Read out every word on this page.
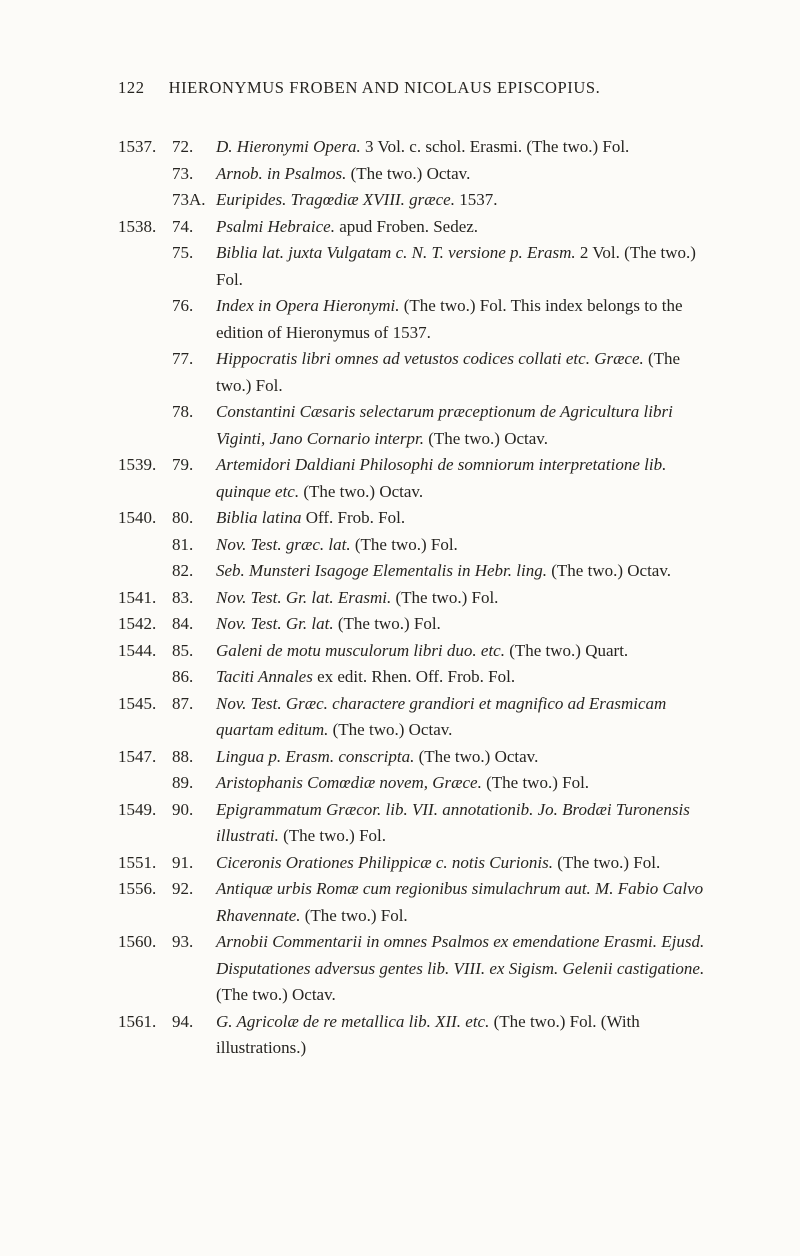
122 HIERONYMUS FROBEN AND NICOLAUS EPISCOPIUS.
1537. 72. D. Hieronymi Opera. 3 Vol. c. schol. Erasmi. (The two.) Fol.
73. Arnob. in Psalmos. (The two.) Octav.
73A. Euripides. Tragœdiæ XVIII. græce. 1537.
1538. 74. Psalmi Hebraice. apud Froben. Sedez.
75. Biblia lat. juxta Vulgatam c. N. T. versione p. Erasm. 2 Vol. (The two.) Fol.
76. Index in Opera Hieronymi. (The two.) Fol. This index belongs to the edition of Hieronymus of 1537.
77. Hippocratis libri omnes ad vetustos codices collati etc. Græce. (The two.) Fol.
78. Constantini Cæsaris selectarum præceptionum de Agricultura libri Viginti, Jano Cornario interpr. (The two.) Octav.
1539. 79. Artemidori Daldiani Philosophi de somniorum interpretatione lib. quinque etc. (The two.) Octav.
1540. 80. Biblia latina Off. Frob. Fol.
81. Nov. Test. græc. lat. (The two.) Fol.
82. Seb. Munsteri Isagoge Elementalis in Hebr. ling. (The two.) Octav.
1541. 83. Nov. Test. Gr. lat. Erasmi. (The two.) Fol.
1542. 84. Nov. Test. Gr. lat. (The two.) Fol.
1544. 85. Galeni de motu musculorum libri duo. etc. (The two.) Quart.
86. Taciti Annales ex edit. Rhen. Off. Frob. Fol.
1545. 87. Nov. Test. Græc. charactere grandiori et magnifico ad Erasmicam quartam editum. (The two.) Octav.
1547. 88. Lingua p. Erasm. conscripta. (The two.) Octav.
89. Aristophanis Comœdiæ novem, Græce. (The two.) Fol.
1549. 90. Epigrammatum Græcor. lib. VII. annotationib. Jo. Brodæi Turonensis illustrati. (The two.) Fol.
1551. 91. Ciceronis Orationes Philippicæ c. notis Curionis. (The two.) Fol.
1556. 92. Antiquæ urbis Romæ cum regionibus simulachrum aut. M. Fabio Calvo Rhavennate. (The two.) Fol.
1560. 93. Arnobii Commentarii in omnes Psalmos ex emendatione Erasmi. Ejusd. Disputationes adversus gentes lib. VIII. ex Sigism. Gelenii castigatione. (The two.) Octav.
1561. 94. G. Agricolæ de re metallica lib. XII. etc. (The two.) Fol. (With illustrations.)
